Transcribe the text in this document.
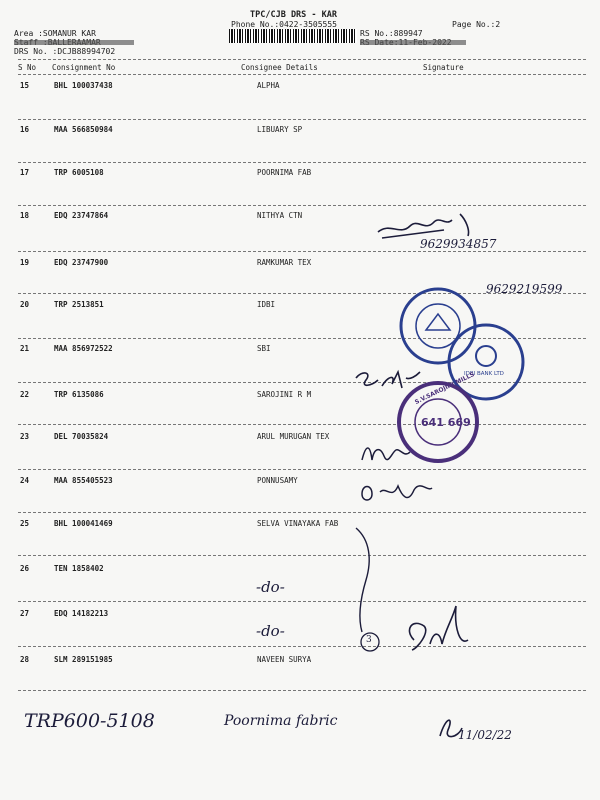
TPC/CJB DRS - KAR
Phone No.:0422-3505555	Page No.:2
Area :SOMANUR KAR	RS No.:889947
DRS No. :DCJB88994702
S No Consignment No	Consignee Details	Signature
15	BHL 100037438	ALPHA
16	MAA 566850984	LIBUARY SP
17	TRP 6005108	POORNIMA FAB
18	EDQ 23747864	NITHYA CTN
19	EDQ 23747900	RAMKUMAR TEX
20	TRP 2513851	IDBI
21	MAA 856972522	SBI
22	TRP 6135086	SAROJINI R M
23	DEL 70035824	ARUL MURUGAN TEX
24	MAA 855405523	PONNUSAMY
25	BHL 100041469	SELVA VINAYAKA FAB
26	TEN 1858402
27	EDQ 14182213
28	SLM 289151985	NAVEEN SURYA
9629934857
9629219599
-do-
-do-	3
TRP600-5108	Poornima fabric
11/02/22
IDBI BANK LTD
S.V.SAROJINI MILLS
641 669
